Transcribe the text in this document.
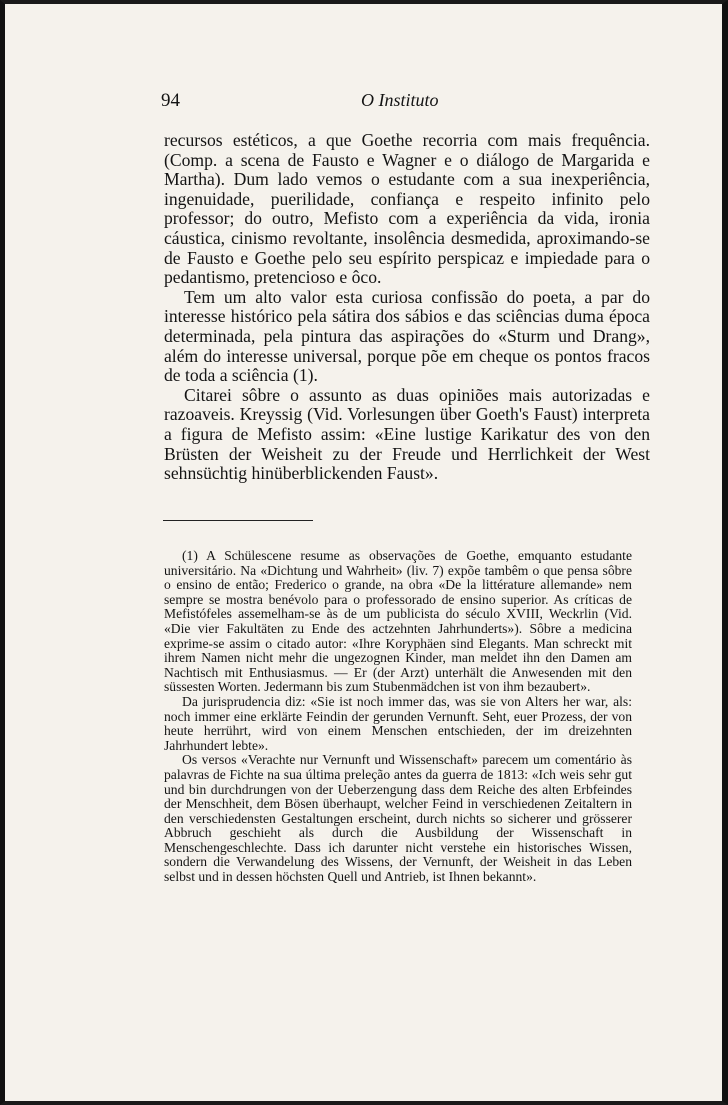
94	O Instituto

recursos estéticos, a que Goethe recorria com mais frequência. (Comp. a scena de Fausto e Wagner e o diálogo de Margarida e Martha). Dum lado vemos o estudante com a sua inexperiência, ingenuidade, puerilidade, confiança e respeito infinito pelo professor; do outro, Mefisto com a experiência da vida, ironia cáustica, cinismo revoltante, insolência desmedida, aproximando-se de Fausto e Goethe pelo seu espírito perspicaz e impiedade para o pedantismo, pretencioso e ôco.

Tem um alto valor esta curiosa confissão do poeta, a par do interesse histórico pela sátira dos sábios e das sciências duma época determinada, pela pintura das aspirações do «Sturm und Drang», além do interesse universal, porque põe em cheque os pontos fracos de toda a sciência (1).

Citarei sôbre o assunto as duas opiniões mais autorizadas e razoaveis. Kreyssig (Vid. Vorlesungen über Goeth's Faust) interpreta a figura de Mefisto assim: «Eine lustige Karikatur des von den Brüsten der Weisheit zu der Freude und Herrlichkeit der West sehnsüchtig hinüberblickenden Faust».

(1) A Schülescene resume as observações de Goethe, emquanto estudante universitário. Na «Dichtung und Wahrheit» (liv. 7) expõe tambêm o que pensa sôbre o ensino de então; Frederico o grande, na obra «De la littérature allemande» nem sempre se mostra benévolo para o professorado de ensino superior. As críticas de Mefistófeles assemelham-se às de um publicista do século XVIII, Weckrlin (Vid. «Die vier Fakultäten zu Ende des actzehnten Jahrhunderts»). Sôbre a medicina exprime-se assim o citado autor: «Ihre Koryphäen sind Elegants. Man schreckt mit ihrem Namen nicht mehr die ungezognen Kinder, man meldet ihn den Damen am Nachtisch mit Enthusiasmus. — Er (der Arzt) unterhält die Anwesenden mit den süssesten Worten. Jedermann bis zum Stubenmädchen ist von ihm bezaubert».

Da jurisprudencia diz: «Sie ist noch immer das, was sie von Alters her war, als: noch immer eine erklärte Feindin der gerunden Vernunft. Seht, euer Prozess, der von heute herrührt, wird von einem Menschen entschieden, der im dreizehnten Jahrhundert lebte».

Os versos «Verachte nur Vernunft und Wissenschaft» parecem um comentário às palavras de Fichte na sua última preleção antes da guerra de 1813: «Ich weis sehr gut und bin durchdrungen von der Ueberzengung dass dem Reiche des alten Erbfeindes der Menschheit, dem Bösen überhaupt, welcher Feind in verschiedenen Zeitaltern in den verschiedensten Gestaltungen erscheint, durch nichts so sicherer und grösserer Abbruch geschieht als durch die Ausbildung der Wissenschaft in Menschengeschlechte. Dass ich darunter nicht verstehe ein historisches Wissen, sondern die Verwandelung des Wissens, der Vernunft, der Weisheit in das Leben selbst und in dessen höchsten Quell und Antrieb, ist Ihnen bekannt».
